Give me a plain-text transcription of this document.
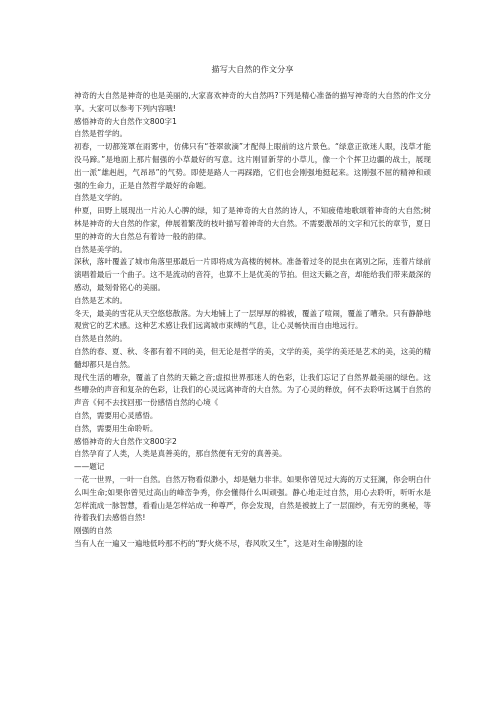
描写大自然的作文分享

神奇的大自然是神奇的也是美丽的,大家喜欢神奇的大自然吗?下列是精心准备的描写神奇的大自然的作文分享。大家可以参考下列内容哦!

感悟神奇的大自然作文800字1

自然是哲学的。

初春，一切都笼罩在雨雾中，仿佛只有“苍翠欲滴”才配得上眼前的这片景色。“绿意正欲迷人眼，浅草才能没马蹄。”是地面上那片倔强的小草最好的写意。这片刚冒新芽的小草儿，像一个个挥卫边疆的战士，展现出一派“雄赳赳，气昂昂”的气势。即使是路人一再踩踏，它们也会刚强地挺起来。这刚强不屈的精神和顽强的生命力，正是自然哲学最好的命题。

自然是文学的。

仲夏，田野上展现出一片沁人心脾的绿，知了是神奇的大自然的诗人，不知疲倦地歌颂着神奇的大自然;树林是神奇的大自然的作家，伸展着繁茂的枝叶描写着神奇的大自然。不需要激昂的文字和冗长的章节，夏日里的神奇的大自然总有着诗一般的韵律。

自然是美学的。

深秋，落叶覆盖了城市角落里那最后一片即将成为高楼的树林。准备着过冬的昆虫在离别之际，连着片绿前演唱着最后一个曲子。这不是流动的音符，也算不上是优美的节拍。但这天籁之音，却能给我们带来最深的感动，最刻骨铭心的美丽。

自然是艺术的。

冬天，最美的雪花从天空悠悠散落。为大地铺上了一层厚厚的棉被，覆盖了喧闹，覆盖了嘈杂。只有静静地观赏它的艺术感。这种艺术感让我们远离城市束缚的气息，让心灵畅快而自由地远行。

自然是自然的。

自然的春、夏、秋、冬都有着不同的美，但无论是哲学的美，文学的美，美学的美还是艺术的美，这美的精髓却都只是自然。

现代生活的嘈杂，覆盖了自然的天籁之音;虚拟世界那迷人的色彩，让我们忘记了自然界最美丽的绿色。这些嘈杂的声音和复杂的色彩，让我们的心灵远离神奇的大自然。为了心灵的释放，何不去聆听这属于自然的声音《何不去找回那一份感悟自然的心境《

自然，需要用心灵感悟。

自然，需要用生命聆听。

感悟神奇的大自然作文800字2

自然孕育了人类，人类是真善美的，那自然便有无穷的真善美。

——题记

一花一世界，一叶一自然。自然万物看似渺小，却是魅力非非。如果你曾见过大海的万丈狂澜，你会明白什么叫生命;如果你曾见过高山的峰峦争秀，你会懂得什么叫顽强。静心地走过自然，用心去聆听，听听水是怎样流成一脉智慧，看看山是怎样站成一种尊严，你会发现，自然是被披上了一层面纱，有无穷的奥秘，等待着我们去感悟自然!

刚强的自然

当有人在一遍又一遍地低吟那不朽的“野火烧不尽，春风吹又生”，这是对生命刚强的诠
